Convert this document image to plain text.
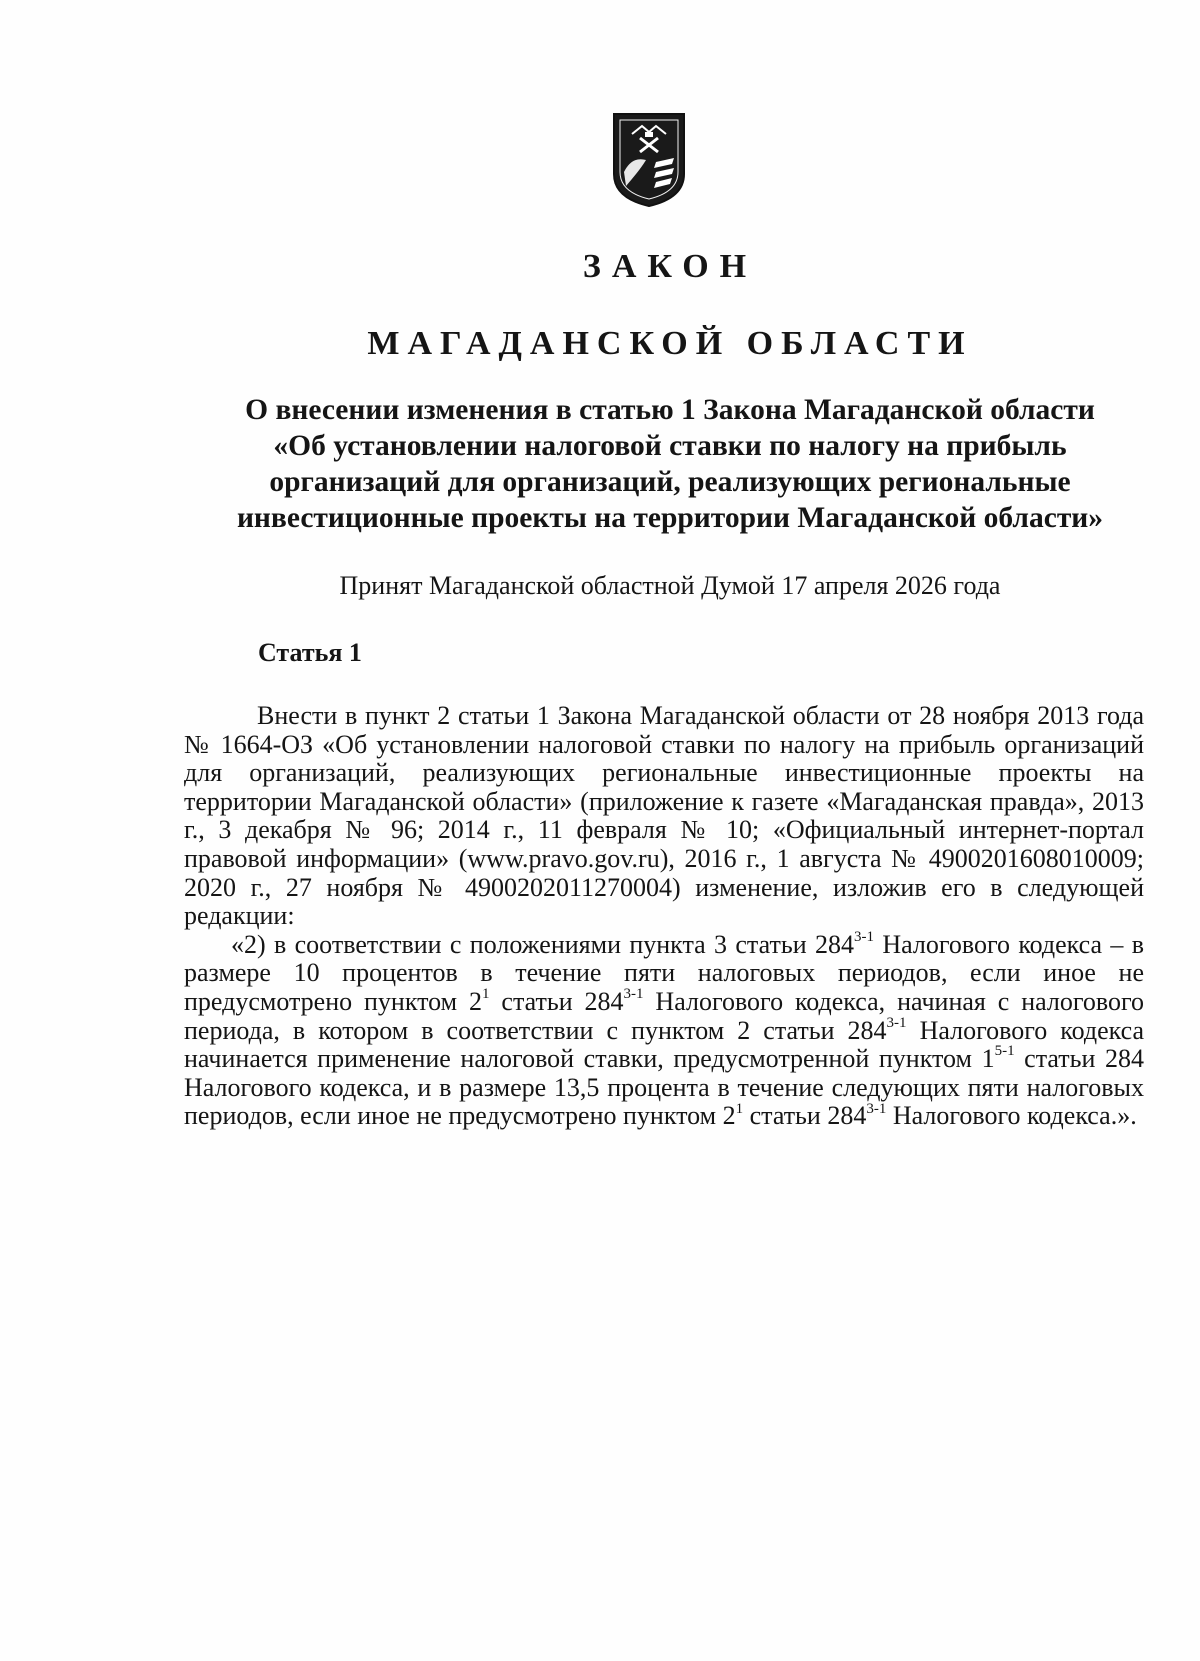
ЗАКОН
МАГАДАНСКОЙ ОБЛАСТИ
О внесении изменения в статью 1 Закона Магаданской области
«Об установлении налоговой ставки по налогу на прибыль
организаций для организаций, реализующих региональные
инвестиционные проекты на территории Магаданской области»

Принят Магаданской областной Думой 17 апреля 2026 года

Статья 1

Внести в пункт 2 статьи 1 Закона Магаданской области от 28 ноября 2013 года № 1664-ОЗ «Об установлении налоговой ставки по налогу на прибыль организаций для организаций, реализующих региональные инвестиционные проекты на территории Магаданской области» (приложение к газете «Магаданская правда», 2013 г., 3 декабря № 96; 2014 г., 11 февраля № 10; «Официальный интернет-портал правовой информации» (www.pravo.gov.ru), 2016 г., 1 августа № 4900201608010009; 2020 г., 27 ноября № 4900202011270004) изменение, изложив его в следующей редакции:

«2) в соответствии с положениями пункта 3 статьи 284$^{3-1}$ Налогового кодекса – в размере 10 процентов в течение пяти налоговых периодов, если иное не предусмотрено пунктом $2^1$ статьи 284$^{3-1}$ Налогового кодекса, начиная с налогового периода, в котором в соответствии с пунктом 2 статьи 284$^{3-1}$ Налогового кодекса начинается применение налоговой ставки, предусмотренной пунктом 1$^{5-1}$ статьи 284 Налогового кодекса, и в размере 13,5 процента в течение следующих пяти налоговых периодов, если иное не предусмотрено пунктом $2^1$ статьи 284$^{3-1}$ Налогового кодекса.».
